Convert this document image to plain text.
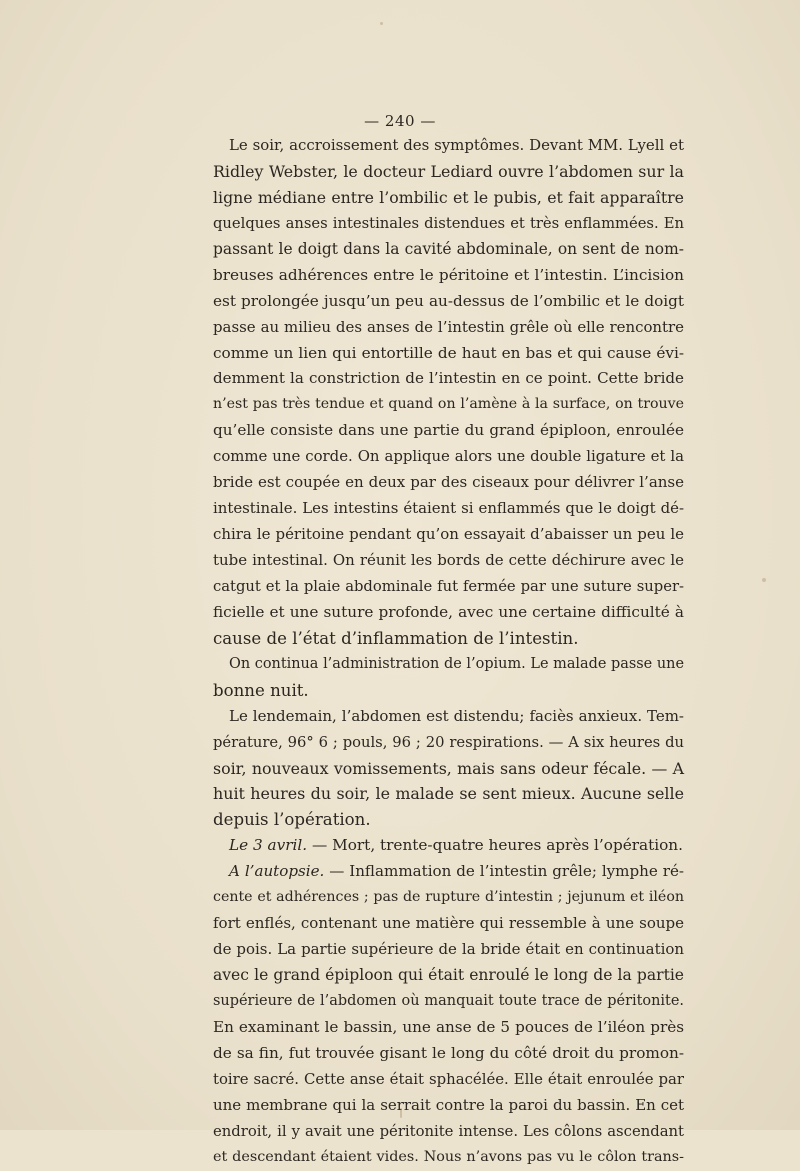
— 240 —
Le soir, accroissement des symptômes. Devant MM. Lyell et
Ridley Webster, le docteur Lediard ouvre l’abdomen sur la
ligne médiane entre l’ombilic et le pubis, et fait apparaître
quelques anses intestinales distendues et très enflammées. En
passant le doigt dans la cavité abdominale, on sent de nom-
breuses adhérences entre le péritoine et l’intestin. L’incision
est prolongée jusqu’un peu au-dessus de l’ombilic et le doigt
passe au milieu des anses de l’intestin grêle où elle rencontre
comme un lien qui entortille de haut en bas et qui cause évi-
demment la constriction de l’intestin en ce point. Cette bride
n’est pas très tendue et quand on l’amène à la surface, on trouve
qu’elle consiste dans une partie du grand épiploon, enroulée
comme une corde. On applique alors une double ligature et la
bride est coupée en deux par des ciseaux pour délivrer l’anse
intestinale. Les intestins étaient si enflammés que le doigt dé-
chira le péritoine pendant qu’on essayait d’abaisser un peu le
tube intestinal. On réunit les bords de cette déchirure avec le
catgut et la plaie abdominale fut fermée par une suture super-
ficielle et une suture profonde, avec une certaine difficulté à
cause de l’état d’inflammation de l’intestin.
On continua l’administration de l’opium. Le malade passe une
bonne nuit.
Le lendemain, l’abdomen est distendu; faciès anxieux. Tem-
pérature, 96° 6 ; pouls, 96 ; 20 respirations. — A six heures du
soir, nouveaux vomissements, mais sans odeur fécale. — A
huit heures du soir, le malade se sent mieux. Aucune selle
depuis l’opération.
Le 3 avril. — Mort, trente-quatre heures après l’opération.
A l’autopsie. — Inflammation de l’intestin grêle; lymphe ré-
cente et adhérences ; pas de rupture d’intestin ; jejunum et iléon
fort enflés, contenant une matière qui ressemble à une soupe
de pois. La partie supérieure de la bride était en continuation
avec le grand épiploon qui était enroulé le long de la partie
supérieure de l’abdomen où manquait toute trace de péritonite.
En examinant le bassin, une anse de 5 pouces de l’iléon près
de sa fin, fut trouvée gisant le long du côté droit du promon-
toire sacré. Cette anse était sphacélée. Elle était enroulée par
une membrane qui la serrait contre la paroi du bassin. En cet
endroit, il y avait une péritonite intense. Les côlons ascendant
et descendant étaient vides. Nous n’avons pas vu le côlon trans-
